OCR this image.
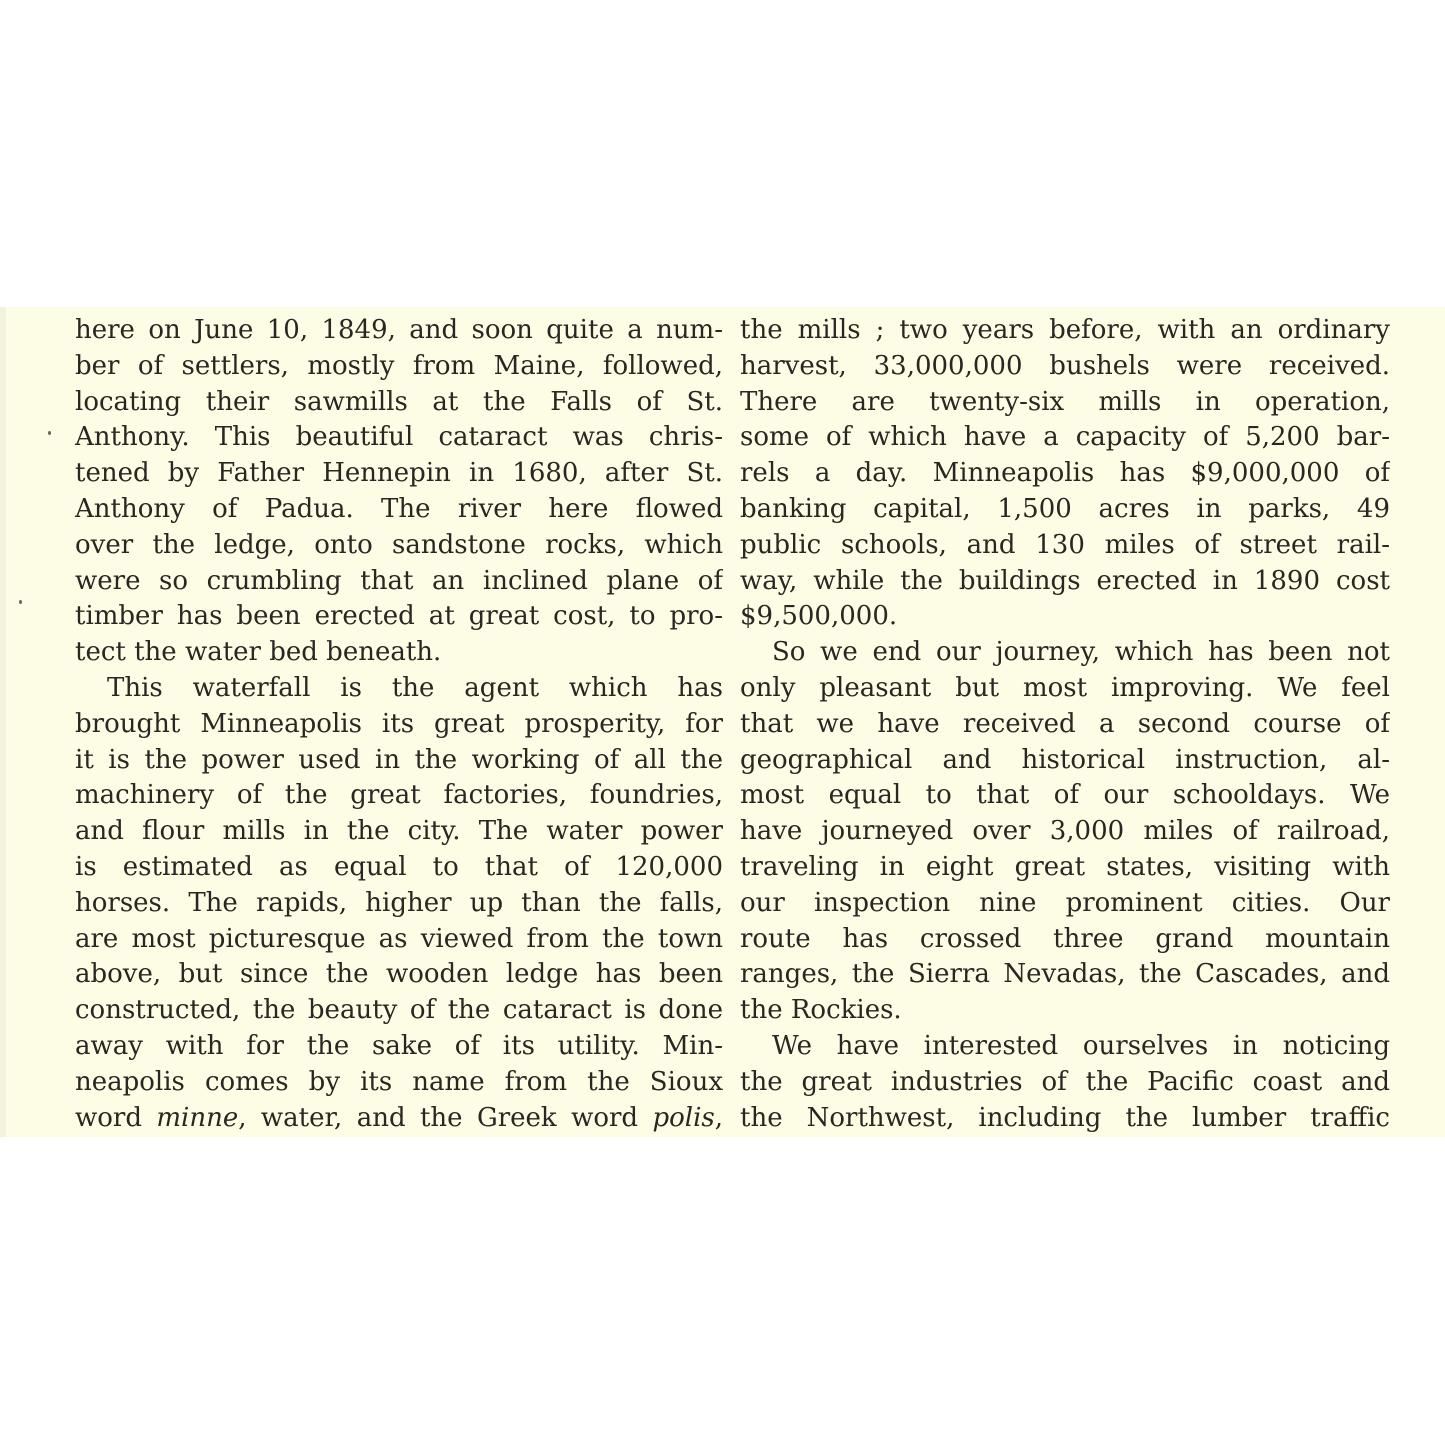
here on June 10, 1849, and soon quite a num-
ber of settlers, mostly from Maine, followed,
locating their sawmills at the Falls of St.
Anthony. This beautiful cataract was chris-
tened by Father Hennepin in 1680, after St.
Anthony of Padua. The river here flowed
over the ledge, onto sandstone rocks, which
were so crumbling that an inclined plane of
timber has been erected at great cost, to pro-
tect the water bed beneath.
This waterfall is the agent which has
brought Minneapolis its great prosperity, for
it is the power used in the working of all the
machinery of the great factories, foundries,
and flour mills in the city. The water power
is estimated as equal to that of 120,000
horses. The rapids, higher up than the falls,
are most picturesque as viewed from the town
above, but since the wooden ledge has been
constructed, the beauty of the cataract is done
away with for the sake of its utility. Min-
neapolis comes by its name from the Sioux
word minne, water, and the Greek word polis,
the mills ; two years before, with an ordinary
harvest, 33,000,000 bushels were received.
There are twenty-six mills in operation,
some of which have a capacity of 5,200 bar-
rels a day. Minneapolis has $9,000,000 of
banking capital, 1,500 acres in parks, 49
public schools, and 130 miles of street rail-
way, while the buildings erected in 1890 cost
$9,500,000.
So we end our journey, which has been not
only pleasant but most improving. We feel
that we have received a second course of
geographical and historical instruction, al-
most equal to that of our schooldays. We
have journeyed over 3,000 miles of railroad,
traveling in eight great states, visiting with
our inspection nine prominent cities. Our
route has crossed three grand mountain
ranges, the Sierra Nevadas, the Cascades, and
the Rockies.
We have interested ourselves in noticing
the great industries of the Pacific coast and
the Northwest, including the lumber traffic
